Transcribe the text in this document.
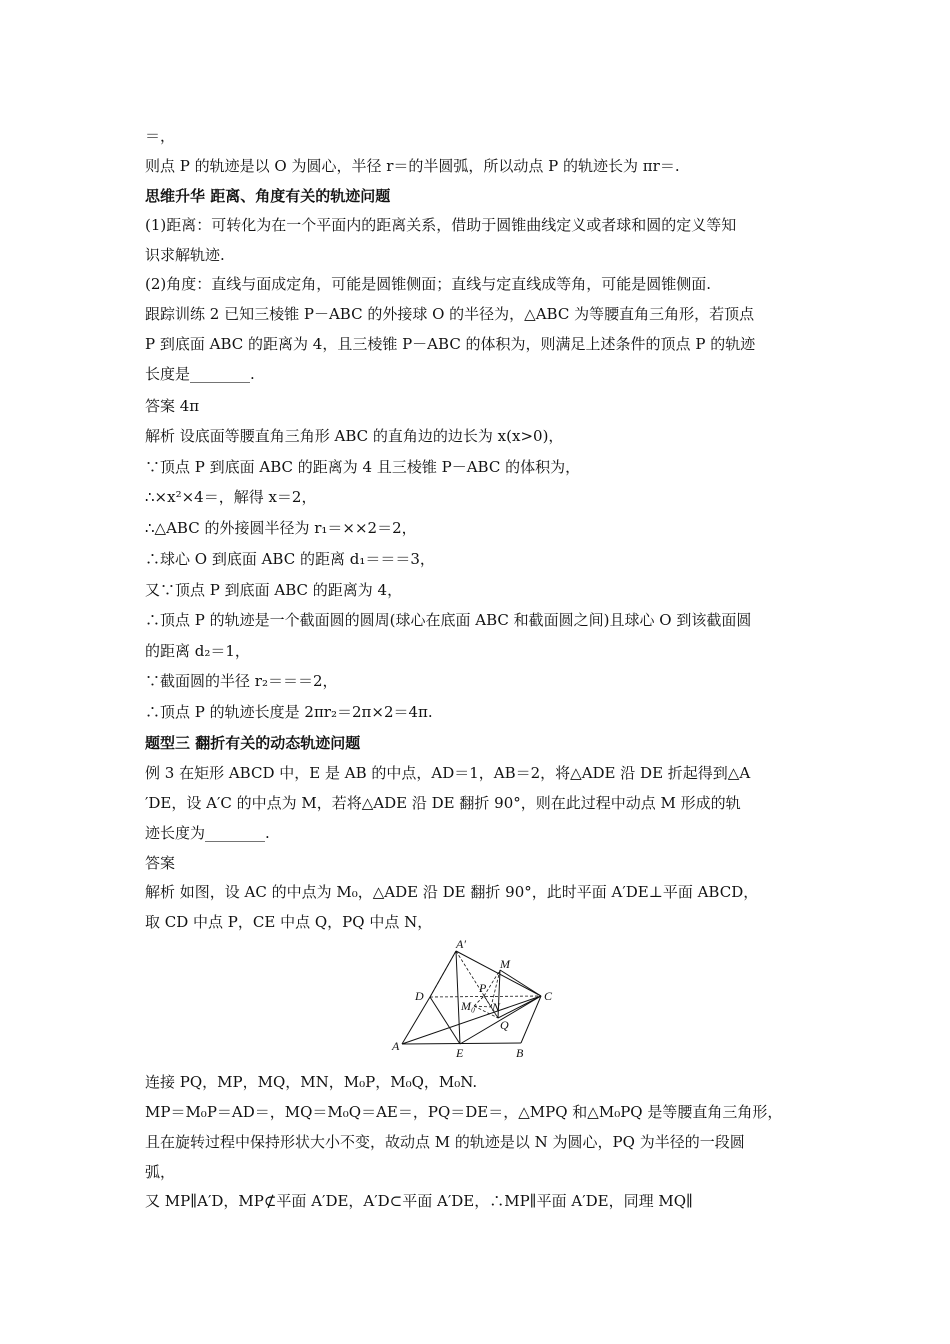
＝，
则点 P 的轨迹是以 O 为圆心，半径 r＝的半圆弧，所以动点 P 的轨迹长为 πr＝.
思维升华 距离、角度有关的轨迹问题
(1)距离：可转化为在一个平面内的距离关系，借助于圆锥曲线定义或者球和圆的定义等知
识求解轨迹.
(2)角度：直线与面成定角，可能是圆锥侧面；直线与定直线成等角，可能是圆锥侧面.
跟踪训练 2 已知三棱锥 P－ABC 的外接球 O 的半径为，△ABC 为等腰直角三角形，若顶点
P 到底面 ABC 的距离为 4，且三棱锥 P－ABC 的体积为，则满足上述条件的顶点 P 的轨迹
长度是________.
答案 4π
解析 设底面等腰直角三角形 ABC 的直角边的边长为 x(x>0)，
∵顶点 P 到底面 ABC 的距离为 4 且三棱锥 P－ABC 的体积为，
∴×x²×4＝，解得 x＝2，
∴△ABC 的外接圆半径为 r₁＝××2＝2，
∴球心 O 到底面 ABC 的距离 d₁＝＝＝3，
又∵顶点 P 到底面 ABC 的距离为 4，
∴顶点 P 的轨迹是一个截面圆的圆周(球心在底面 ABC 和截面圆之间)且球心 O 到该截面圆
的距离 d₂＝1，
∵截面圆的半径 r₂＝＝＝2，
∴顶点 P 的轨迹长度是 2πr₂＝2π×2＝4π.
题型三 翻折有关的动态轨迹问题
例 3 在矩形 ABCD 中，E 是 AB 的中点，AD＝1，AB＝2，将△ADE 沿 DE 折起得到△A
′DE，设 A′C 的中点为 M，若将△ADE 沿 DE 翻折 90°，则在此过程中动点 M 形成的轨
迹长度为________.
答案
解析 如图，设 AC 的中点为 M₀，△ADE 沿 DE 翻折 90°，此时平面 A′DE⊥平面 ABCD，
取 CD 中点 P，CE 中点 Q，PQ 中点 N，
A′
M
P
D	C
M₀ N
Q
A	E	B
连接 PQ，MP，MQ，MN，M₀P，M₀Q，M₀N.
MP＝M₀P＝AD＝，MQ＝M₀Q＝AE＝，PQ＝DE＝，△MPQ 和△M₀PQ 是等腰直角三角形，
且在旋转过程中保持形状大小不变，故动点 M 的轨迹是以 N 为圆心，PQ 为半径的一段圆
弧，
又 MP∥A′D，MP⊄平面 A′DE，A′D⊂平面 A′DE，∴MP∥平面 A′DE，同理 MQ∥
